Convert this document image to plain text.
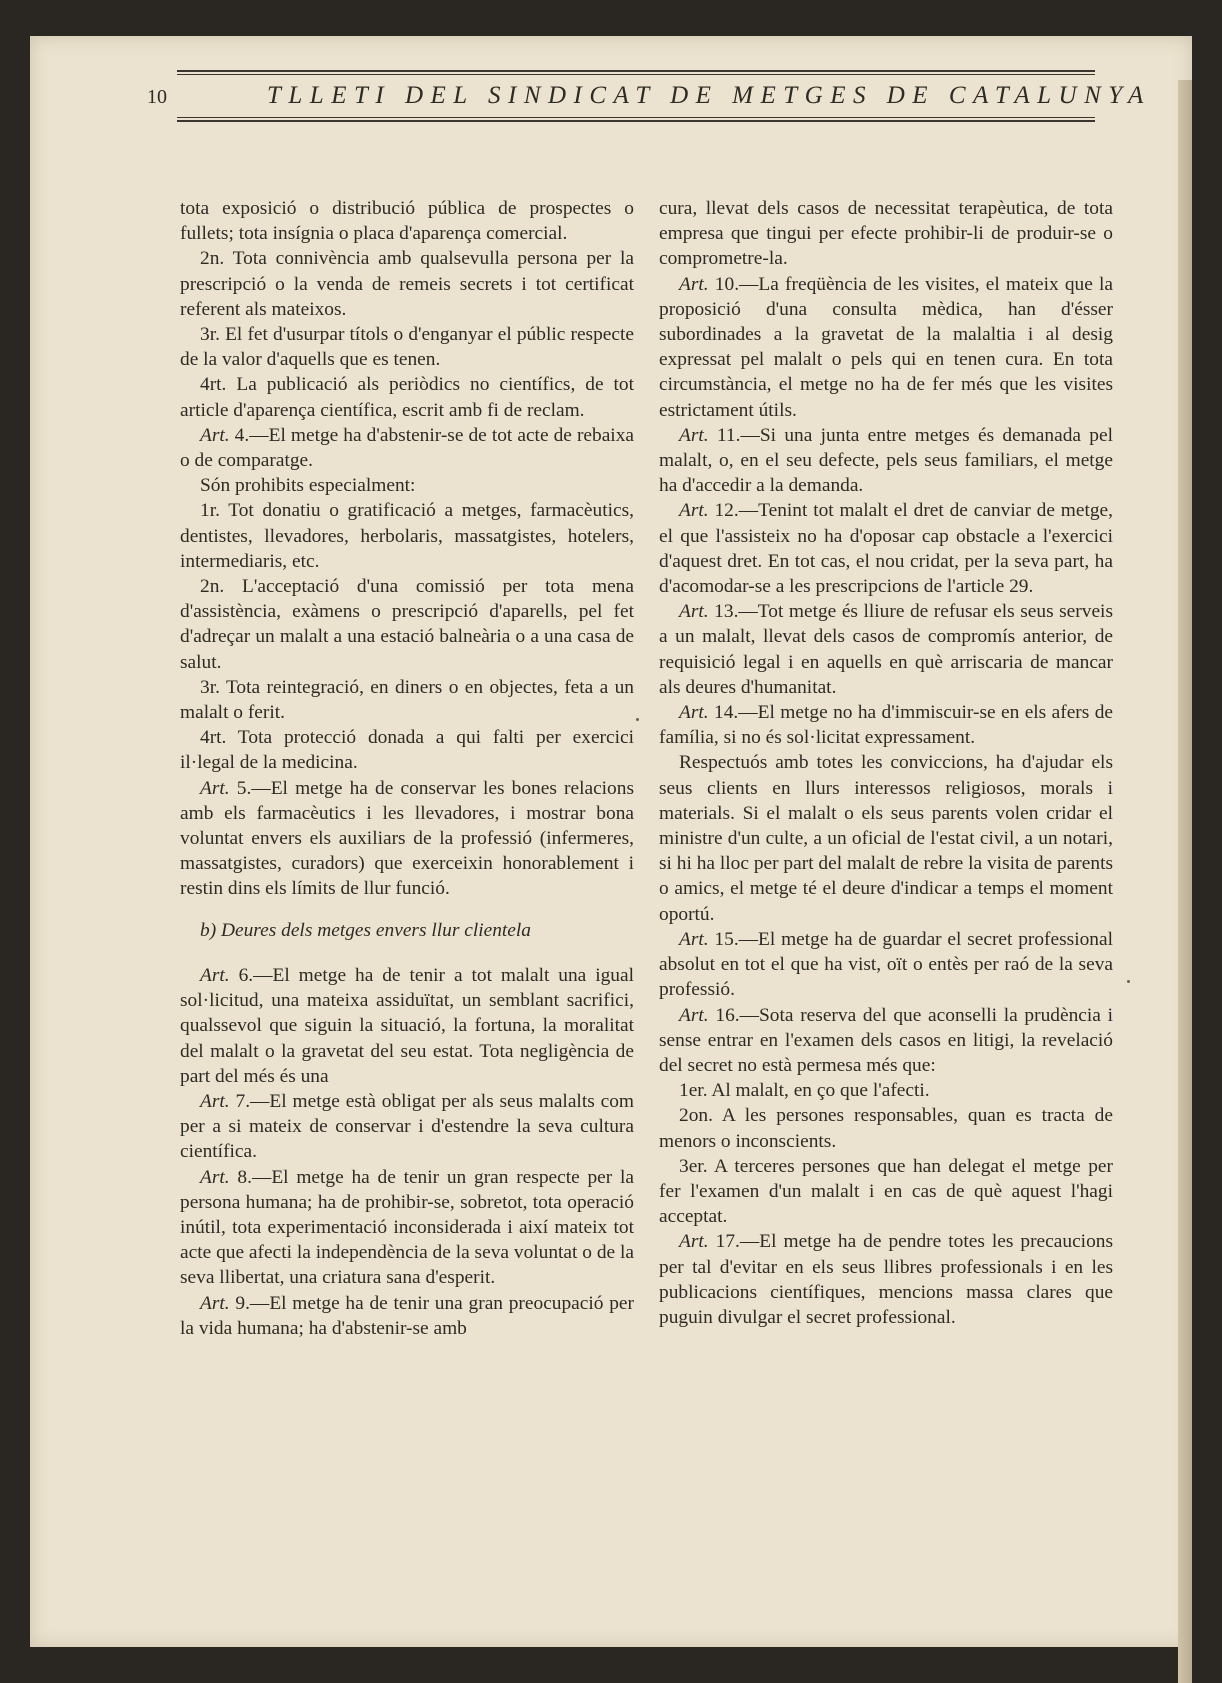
10	TLLETI DEL SINDICAT DE METGES DE CATALUNYA

tota exposició o distribució pública de prospectes o fullets; tota insígnia o placa d'aparença comercial.

2n. Tota connivència amb qualsevulla persona per la prescripció o la venda de remeis secrets i tot certificat referent als mateixos.

3r. El fet d'usurpar títols o d'enganyar el públic respecte de la valor d'aquells que es tenen.

4rt. La publicació als periòdics no científics, de tot article d'aparença científica, escrit amb fi de reclam.

Art. 4.—El metge ha d'abstenir-se de tot acte de rebaixa o de comparatge.

Són prohibits especialment:

1r. Tot donatiu o gratificació a metges, farmacèutics, dentistes, llevadores, herbolaris, massatgistes, hotelers, intermediaris, etc.

2n. L'acceptació d'una comissió per tota mena d'assistència, exàmens o prescripció d'aparells, pel fet d'adreçar un malalt a una estació balneària o a una casa de salut.

3r. Tota reintegració, en diners o en objectes, feta a un malalt o ferit.

4rt. Tota protecció donada a qui falti per exercici il·legal de la medicina.

Art. 5.—El metge ha de conservar les bones relacions amb els farmacèutics i les llevadores, i mostrar bona voluntat envers els auxiliars de la professió (infermeres, massatgistes, curadors) que exerceixin honorablement i restin dins els límits de llur funció.

b) Deures dels metges envers llur clientela

Art. 6.—El metge ha de tenir a tot malalt una igual sol·licitud, una mateixa assiduïtat, un semblant sacrifici, qualssevol que siguin la situació, la fortuna, la moralitat del malalt o la gravetat del seu estat. Tota negligència de part del més és una

Art. 7.—El metge està obligat per als seus malalts com per a si mateix de conservar i d'estendre la seva cultura científica.

Art. 8.—El metge ha de tenir un gran respecte per la persona humana; ha de prohibir-se, sobretot, tota operació inútil, tota experimentació inconsiderada i així mateix tot acte que afecti la independència de la seva voluntat o de la seva llibertat, una criatura sana d'esperit.

Art. 9.—El metge ha de tenir una gran preocupació per la vida humana; ha d'abstenir-se amb

cura, llevat dels casos de necessitat terapèutica, de tota empresa que tingui per efecte prohibir-li de produir-se o comprometre-la.

Art. 10.—La freqüència de les visites, el mateix que la proposició d'una consulta mèdica, han d'ésser subordinades a la gravetat de la malaltia i al desig expressat pel malalt o pels qui en tenen cura. En tota circumstància, el metge no ha de fer més que les visites estrictament útils.

Art. 11.—Si una junta entre metges és demanada pel malalt, o, en el seu defecte, pels seus familiars, el metge ha d'accedir a la demanda.

Art. 12.—Tenint tot malalt el dret de canviar de metge, el que l'assisteix no ha d'oposar cap obstacle a l'exercici d'aquest dret. En tot cas, el nou cridat, per la seva part, ha d'acomodar-se a les prescripcions de l'article 29.

Art. 13.—Tot metge és lliure de refusar els seus serveis a un malalt, llevat dels casos de compromís anterior, de requisició legal i en aquells en què arriscaria de mancar als deures d'humanitat.

Art. 14.—El metge no ha d'immiscuir-se en els afers de família, si no és sol·licitat expressament.

Respectuós amb totes les conviccions, ha d'ajudar els seus clients en llurs interessos religiosos, morals i materials. Si el malalt o els seus parents volen cridar el ministre d'un culte, a un oficial de l'estat civil, a un notari, si hi ha lloc per part del malalt de rebre la visita de parents o amics, el metge té el deure d'indicar a temps el moment oportú.

Art. 15.—El metge ha de guardar el secret professional absolut en tot el que ha vist, oït o entès per raó de la seva professió.

Art. 16.—Sota reserva del que aconselli la prudència i sense entrar en l'examen dels casos en litigi, la revelació del secret no està permesa més que:

1er. Al malalt, en ço que l'afecti.

2on. A les persones responsables, quan es tracta de menors o inconscients.

3er. A terceres persones que han delegat el metge per fer l'examen d'un malalt i en cas de què aquest l'hagi acceptat.

Art. 17.—El metge ha de pendre totes les precaucions per tal d'evitar en els seus llibres professionals i en les publicacions científiques, mencions massa clares que puguin divulgar el secret professional.
